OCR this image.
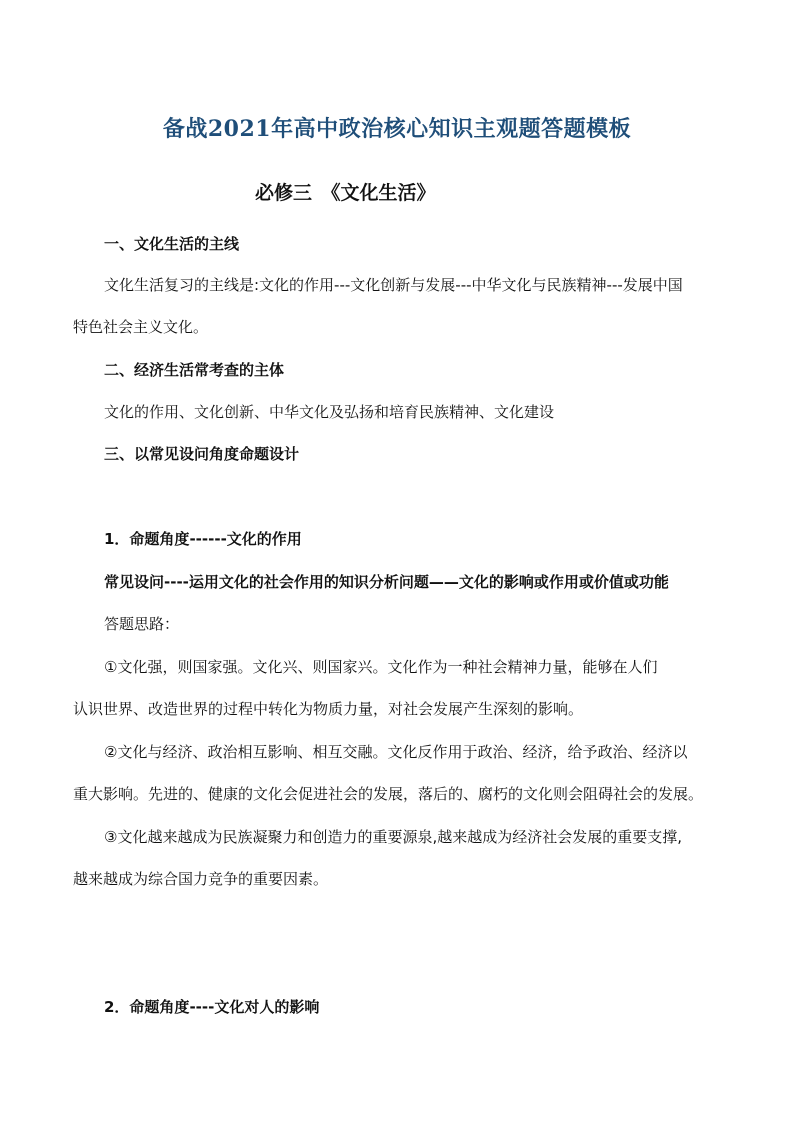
备战2021年高中政治核心知识主观题答题模板
必修三　《文化生活》
一、文化生活的主线
文化生活复习的主线是:文化的作用---文化创新与发展---中华文化与民族精神---发展中国
特色社会主义文化。
二、经济生活常考查的主体
文化的作用、文化创新、中华文化及弘扬和培育民族精神、文化建设
三、以常见设问角度命题设计
1．命题角度------文化的作用
常见设问----运用文化的社会作用的知识分析问题——文化的影响或作用或价值或功能
答题思路：
①文化强，则国家强。文化兴、则国家兴。文化作为一种社会精神力量，能够在人们
认识世界、改造世界的过程中转化为物质力量，对社会发展产生深刻的影响。
②文化与经济、政治相互影响、相互交融。文化反作用于政治、经济，给予政治、经济以
重大影响。先进的、健康的文化会促进社会的发展，落后的、腐朽的文化则会阻碍社会的发展。
③文化越来越成为民族凝聚力和创造力的重要源泉,越来越成为经济社会发展的重要支撑,
越来越成为综合国力竞争的重要因素。
2．命题角度----文化对人的影响
